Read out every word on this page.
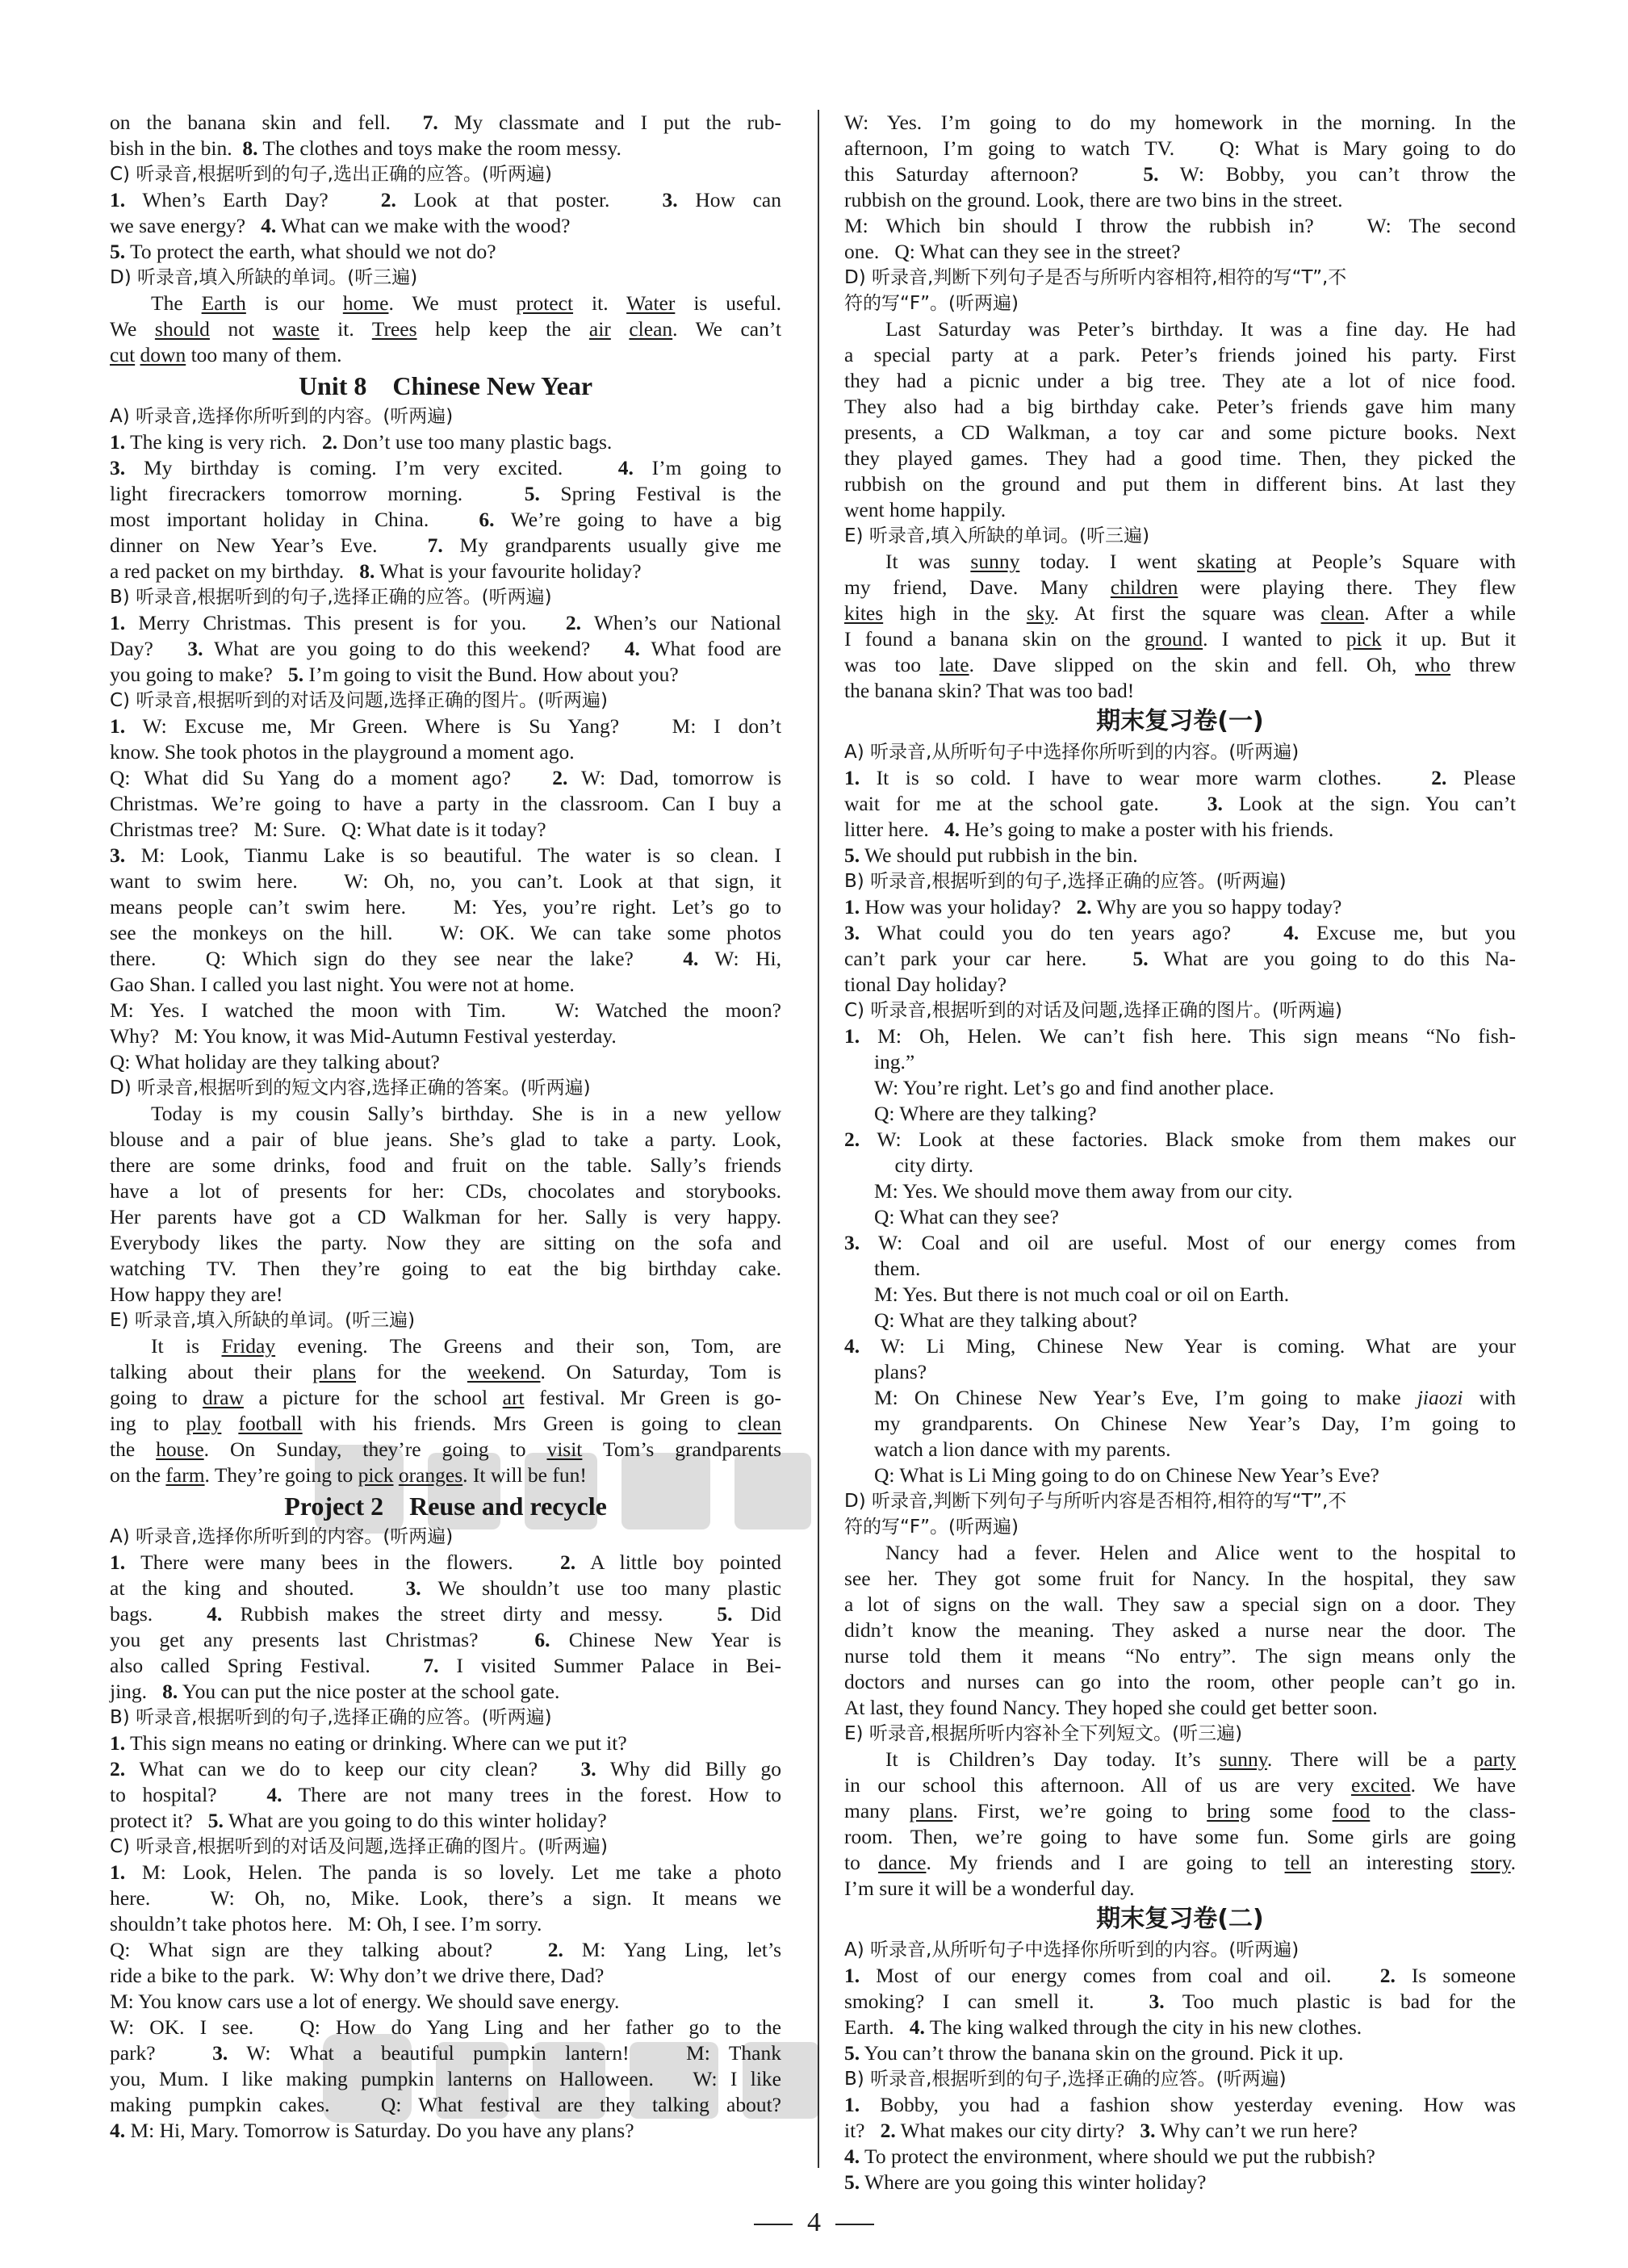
on the banana skin and fell.  7. My classmate and I put the rub-
bish in the bin.  8. The clothes and toys make the room messy.
C) 听录音,根据听到的句子,选出正确的应答。(听两遍)
1. When’s Earth Day?   2. Look at that poster.   3. How can
we save energy?   4. What can we make with the wood?
5. To protect the earth, what should we not do?
D) 听录音,填入所缺的单词。(听三遍)
The Earth is our home. We must protect it. Water is useful.
We should not waste it. Trees help keep the air clean. We can’t
cut down too many of them.
Unit 8    Chinese New Year
A) 听录音,选择你所听到的内容。(听两遍)
1. The king is very rich.   2. Don’t use too many plastic bags.
3. My birthday is coming. I’m very excited.   4. I’m going to
light firecrackers tomorrow morning.   5. Spring Festival is the
most important holiday in China.   6. We’re going to have a big
dinner on New Year’s Eve.   7. My grandparents usually give me
a red packet on my birthday.   8. What is your favourite holiday?
B) 听录音,根据听到的句子,选择正确的应答。(听两遍)
1. Merry Christmas. This present is for you.   2. When’s our National
Day?   3. What are you going to do this weekend?   4. What food are
you going to make?   5. I’m going to visit the Bund. How about you?
C) 听录音,根据听到的对话及问题,选择正确的图片。(听两遍)
1. W: Excuse me, Mr Green. Where is Su Yang?   M: I don’t
know. She took photos in the playground a moment ago.
Q: What did Su Yang do a moment ago?   2. W: Dad, tomorrow is
Christmas. We’re going to have a party in the classroom. Can I buy a
Christmas tree?   M: Sure.   Q: What date is it today?
3. M: Look, Tianmu Lake is so beautiful. The water is so clean. I
want to swim here.   W: Oh, no, you can’t. Look at that sign, it
means people can’t swim here.   M: Yes, you’re right. Let’s go to
see the monkeys on the hill.   W: OK. We can take some photos
there.   Q: Which sign do they see near the lake?   4. W: Hi,
Gao Shan. I called you last night. You were not at home.
M: Yes. I watched the moon with Tim.   W: Watched the moon?
Why?   M: You know, it was Mid-Autumn Festival yesterday.
Q: What holiday are they talking about?
D) 听录音,根据听到的短文内容,选择正确的答案。(听两遍)
Today is my cousin Sally’s birthday. She is in a new yellow
blouse and a pair of blue jeans. She’s glad to take a party. Look,
there are some drinks, food and fruit on the table. Sally’s friends
have a lot of presents for her: CDs, chocolates and storybooks.
Her parents have got a CD Walkman for her. Sally is very happy.
Everybody likes the party. Now they are sitting on the sofa and
watching TV. Then they’re going to eat the big birthday cake.
How happy they are!
E) 听录音,填入所缺的单词。(听三遍)
It is Friday evening. The Greens and their son, Tom, are
talking about their plans for the weekend. On Saturday, Tom is
going to draw a picture for the school art festival. Mr Green is go-
ing to play football with his friends. Mrs Green is going to clean
the house. On Sunday, they’re going to visit Tom’s grandparents
on the farm. They’re going to pick oranges. It will be fun!
Project 2    Reuse and recycle
A) 听录音,选择你所听到的内容。(听两遍)
1. There were many bees in the flowers.   2. A little boy pointed
at the king and shouted.   3. We shouldn’t use too many plastic
bags.   4. Rubbish makes the street dirty and messy.   5. Did
you get any presents last Christmas?   6. Chinese New Year is
also called Spring Festival.   7. I visited Summer Palace in Bei-
jing.   8. You can put the nice poster at the school gate.
B) 听录音,根据听到的句子,选择正确的应答。(听两遍)
1. This sign means no eating or drinking. Where can we put it?
2. What can we do to keep our city clean?   3. Why did Billy go
to hospital?   4. There are not many trees in the forest. How to
protect it?   5. What are you going to do this winter holiday?
C) 听录音,根据听到的对话及问题,选择正确的图片。(听两遍)
1. M: Look, Helen. The panda is so lovely. Let me take a photo
here.   W: Oh, no, Mike. Look, there’s a sign. It means we
shouldn’t take photos here.   M: Oh, I see. I’m sorry.
Q: What sign are they talking about?   2. M: Yang Ling, let’s
ride a bike to the park.   W: Why don’t we drive there, Dad?
M: You know cars use a lot of energy. We should save energy.
W: OK. I see.   Q: How do Yang Ling and her father go to the
park?   3. W: What a beautiful pumpkin lantern!   M: Thank
you, Mum. I like making pumpkin lanterns on Halloween.   W: I like
making pumpkin cakes.   Q: What festival are they talking about?
4. M: Hi, Mary. Tomorrow is Saturday. Do you have any plans?
W: Yes. I’m going to do my homework in the morning. In the
afternoon, I’m going to watch TV.   Q: What is Mary going to do
this Saturday afternoon?   5. W: Bobby, you can’t throw the
rubbish on the ground. Look, there are two bins in the street.
M: Which bin should I throw the rubbish in?   W: The second
one.   Q: What can they see in the street?
D) 听录音,判断下列句子是否与所听内容相符,相符的写“T”,不
符的写“F”。(听两遍)
Last Saturday was Peter’s birthday. It was a fine day. He had
a special party at a park. Peter’s friends joined his party. First
they had a picnic under a big tree. They ate a lot of nice food.
They also had a big birthday cake. Peter’s friends gave him many
presents, a CD Walkman, a toy car and some picture books. Next
they played games. They had a good time. Then, they picked the
rubbish on the ground and put them in different bins. At last they
went home happily.
E) 听录音,填入所缺的单词。(听三遍)
It was sunny today. I went skating at People’s Square with
my friend, Dave. Many children were playing there. They flew
kites high in the sky. At first the square was clean. After a while
I found a banana skin on the ground. I wanted to pick it up. But it
was too late. Dave slipped on the skin and fell. Oh, who threw
the banana skin? That was too bad!
期末复习卷(一)
A) 听录音,从所听句子中选择你所听到的内容。(听两遍)
1. It is so cold. I have to wear more warm clothes.   2. Please
wait for me at the school gate.   3. Look at the sign. You can’t
litter here.   4. He’s going to make a poster with his friends.
5. We should put rubbish in the bin.
B) 听录音,根据听到的句子,选择正确的应答。(听两遍)
1. How was your holiday?   2. Why are you so happy today?
3. What could you do ten years ago?   4. Excuse me, but you
can’t park your car here.   5. What are you going to do this Na-
tional Day holiday?
C) 听录音,根据听到的对话及问题,选择正确的图片。(听两遍)
1. M: Oh, Helen. We can’t fish here. This sign means “No fish-
ing.”
W: You’re right. Let’s go and find another place.
Q: Where are they talking?
2. W: Look at these factories. Black smoke from them makes our
city dirty.
M: Yes. We should move them away from our city.
Q: What can they see?
3. W: Coal and oil are useful. Most of our energy comes from
them.
M: Yes. But there is not much coal or oil on Earth.
Q: What are they talking about?
4. W: Li Ming, Chinese New Year is coming. What are your
plans?
M: On Chinese New Year’s Eve, I’m going to make jiaozi with
my grandparents. On Chinese New Year’s Day, I’m going to
watch a lion dance with my parents.
Q: What is Li Ming going to do on Chinese New Year’s Eve?
D) 听录音,判断下列句子与所听内容是否相符,相符的写“T”,不
符的写“F”。(听两遍)
Nancy had a fever. Helen and Alice went to the hospital to
see her. They got some fruit for Nancy. In the hospital, they saw
a lot of signs on the wall. They saw a special sign on a door. They
didn’t know the meaning. They asked a nurse near the door. The
nurse told them it means “No entry”. The sign means only the
doctors and nurses can go into the room, other people can’t go in.
At last, they found Nancy. They hoped she could get better soon.
E) 听录音,根据所听内容补全下列短文。(听三遍)
It is Children’s Day today. It’s sunny. There will be a party
in our school this afternoon. All of us are very excited. We have
many plans. First, we’re going to bring some food to the class-
room. Then, we’re going to have some fun. Some girls are going
to dance. My friends and I are going to tell an interesting story.
I’m sure it will be a wonderful day.
期末复习卷(二)
A) 听录音,从所听句子中选择你所听到的内容。(听两遍)
1. Most of our energy comes from coal and oil.   2. Is someone
smoking? I can smell it.   3. Too much plastic is bad for the
Earth.   4. The king walked through the city in his new clothes.
5. You can’t throw the banana skin on the ground. Pick it up.
B) 听录音,根据听到的句子,选择正确的应答。(听两遍)
1. Bobby, you had a fashion show yesterday evening. How was
it?   2. What makes our city dirty?   3. Why can’t we run here?
4. To protect the environment, where should we put the rubbish?
5. Where are you going this winter holiday?
4
